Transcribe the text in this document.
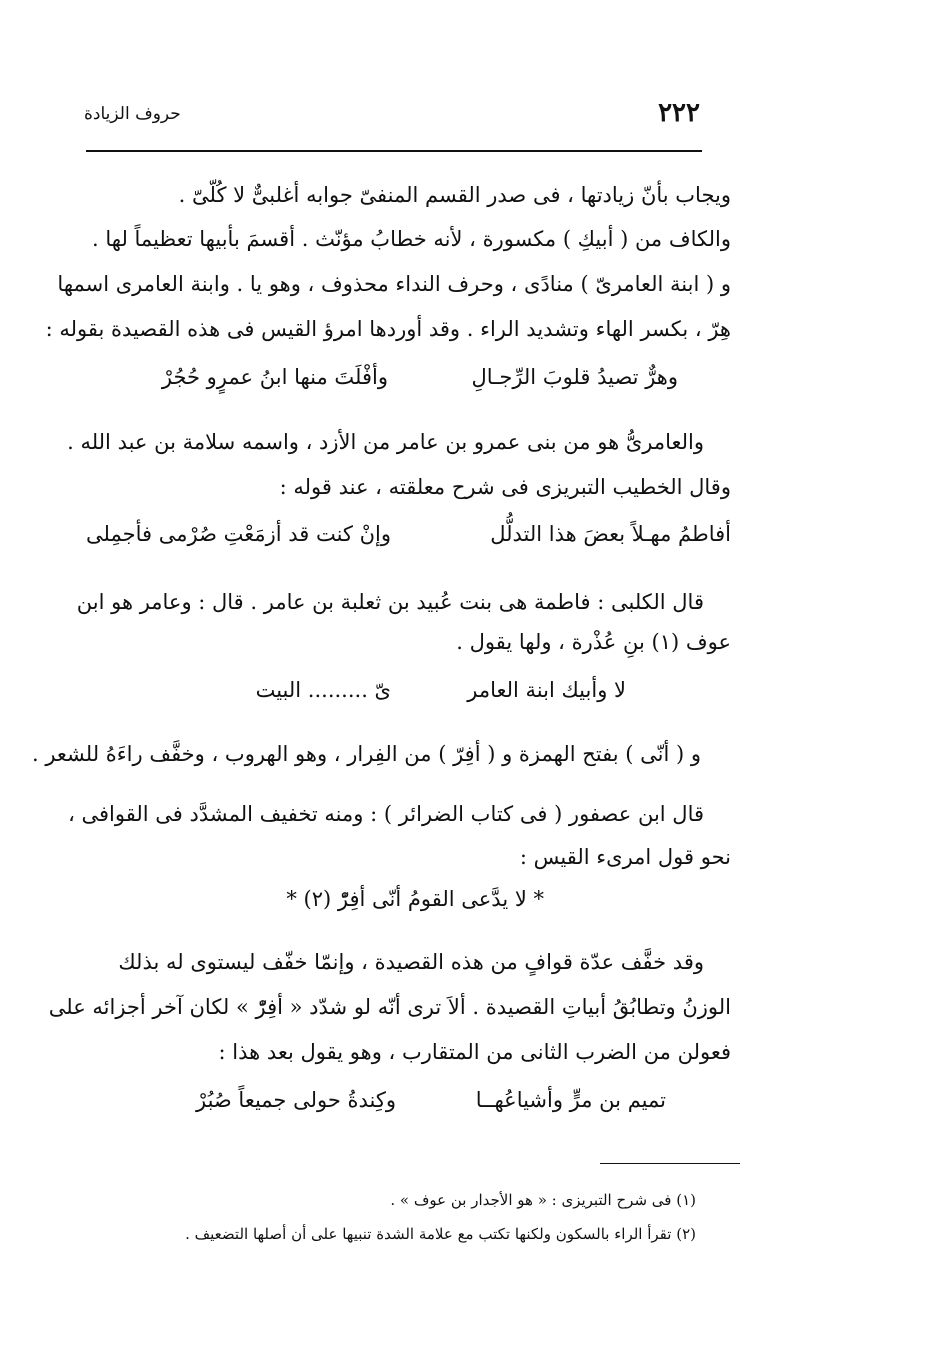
٢٢٢
حروف الزيادة
ويجاب بأنّ زيادتها ، فى صدر القسم المنفىّ جوابه أغلبىٌّ لا كُلّىّ .
والكاف من ( أبيكِ ) مكسورة ، لأنه خطابُ مؤنّث . أقسمَ بأبيها تعظيماً لها .
و ( ابنة العامرىّ ) منادًى ، وحرف النداء محذوف ، وهو يا . وابنة العامرى اسمها
هِرّ ، بكسر الهاء وتشديد الراء . وقد أوردها امرؤ القيس فى هذه القصيدة بقوله :
وهرٌّ تصيدُ قلوبَ الرِّجـالِ
وأفْلَتَ منها ابنُ عمرٍو حُجُرْ
والعامرىُّ هو من بنى عمرو بن عامر من الأزد ، واسمه سلامة بن عبد الله .
وقال الخطيب التبريزى فى شرح معلقته ، عند قوله :
أفاطمُ مهـلاً بعضَ هذا التدلُّل
وإنْ كنت قد أزمَعْتِ صُرْمى فأجمِلى
قال الكلبى : فاطمة هى بنت عُبيد بن ثعلبة بن عامر . قال : وعامر هو ابن
عوف (١) بنِ عُذْرة ، ولها يقول .
لا وأبيك ابنة العامر
ىّ ......... البيت
و ( أنّى ) بفتح الهمزة و ( أفِرّ ) من الفِرار ، وهو الهروب ، وخفَّف راءَهُ للشعر .
قال ابن عصفور ( فى كتاب الضرائر ) : ومنه تخفيف المشدَّد فى القوافى ،
نحو قول امرىء القيس :
* لا يدَّعى القومُ أنّى أفِرّْ (٢) *
وقد خفَّف عدّة قوافٍ من هذه القصيدة ، وإنمّا خفّف ليستوى له بذلك
الوزنُ وتطابُقُ أبياتِ القصيدة . ألاَ ترى أنّه لو شدّد « أفِرّْ » لكان آخر أجزائه على
فعولن من الضرب الثانى من المتقارب ، وهو يقول بعد هذا :
تميم بن مرٍّ وأشياعُهــا
وكِندةُ حولى جميعاً صُبُرْ
(١) فى شرح التبريزى : « هو الأجدار بن عوف » .
(٢) تقرأ الراء بالسكون ولكنها تكتب مع علامة الشدة تنبيها على أن أصلها التضعيف .
